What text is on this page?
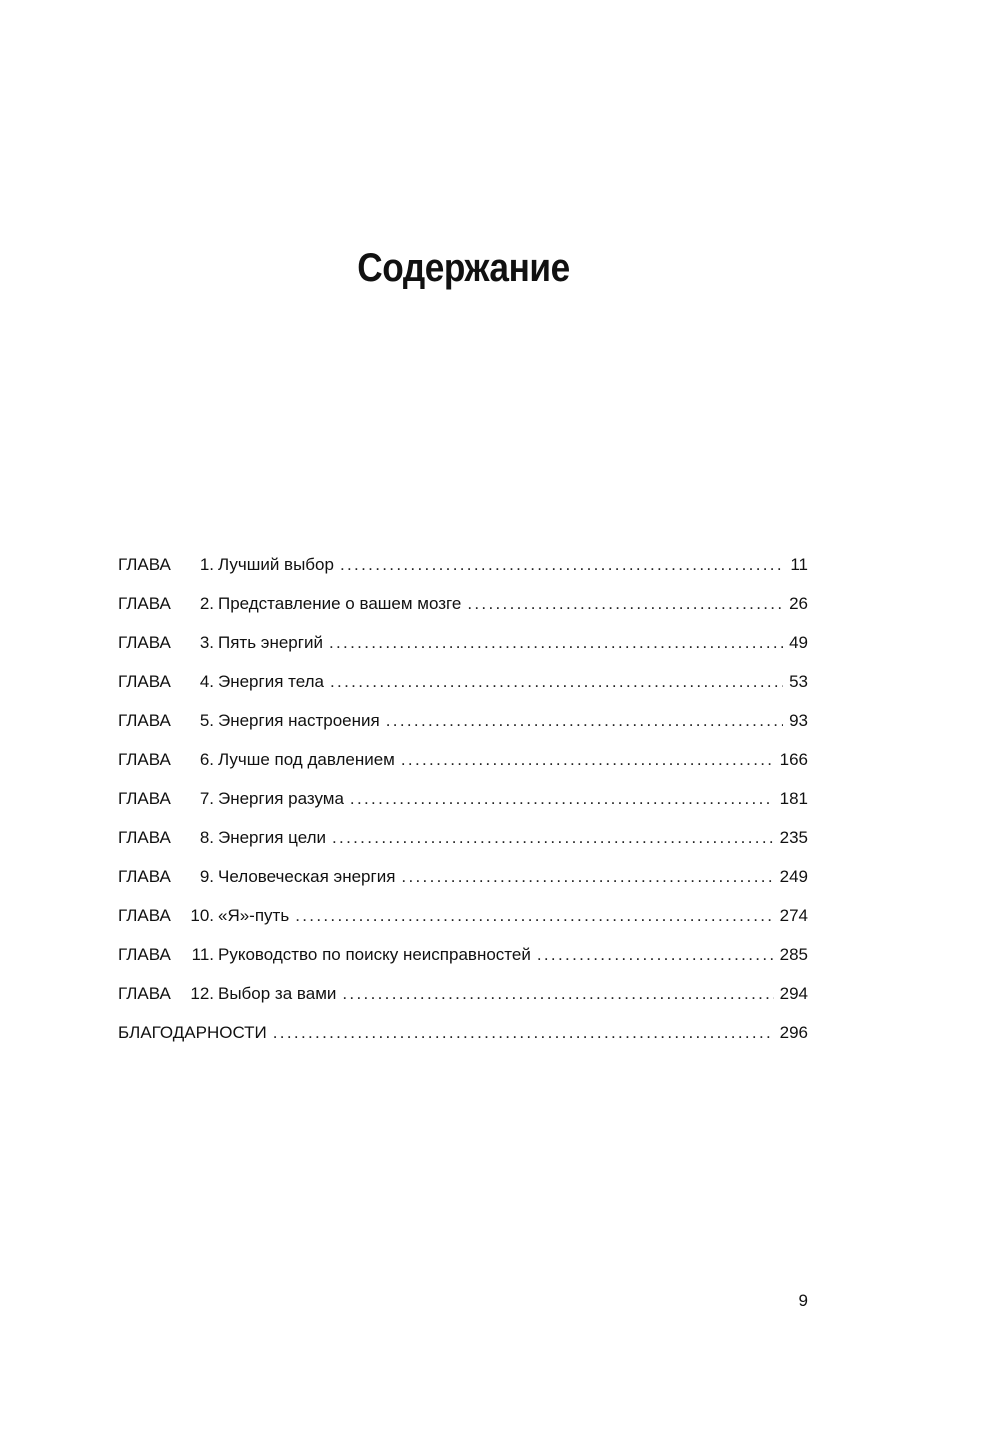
Содержание
ГЛАВА	1. Лучший выбор . . .	11
ГЛАВА	2. Представление о вашем мозге . . .	26
ГЛАВА	3. Пять энергий . . .	49
ГЛАВА	4. Энергия тела . . .	53
ГЛАВА	5. Энергия настроения . . .	93
ГЛАВА	6. Лучше под давлением . . .	166
ГЛАВА	7. Энергия разума . . .	181
ГЛАВА	8. Энергия цели . . .	235
ГЛАВА	9. Человеческая энергия . . .	249
ГЛАВА	10. «Я»-путь . . .	274
ГЛАВА	11. Руководство по поиску неисправностей . . .	285
ГЛАВА	12. Выбор за вами . . .	294
БЛАГОДАРНОСТИ . . .	296
9
